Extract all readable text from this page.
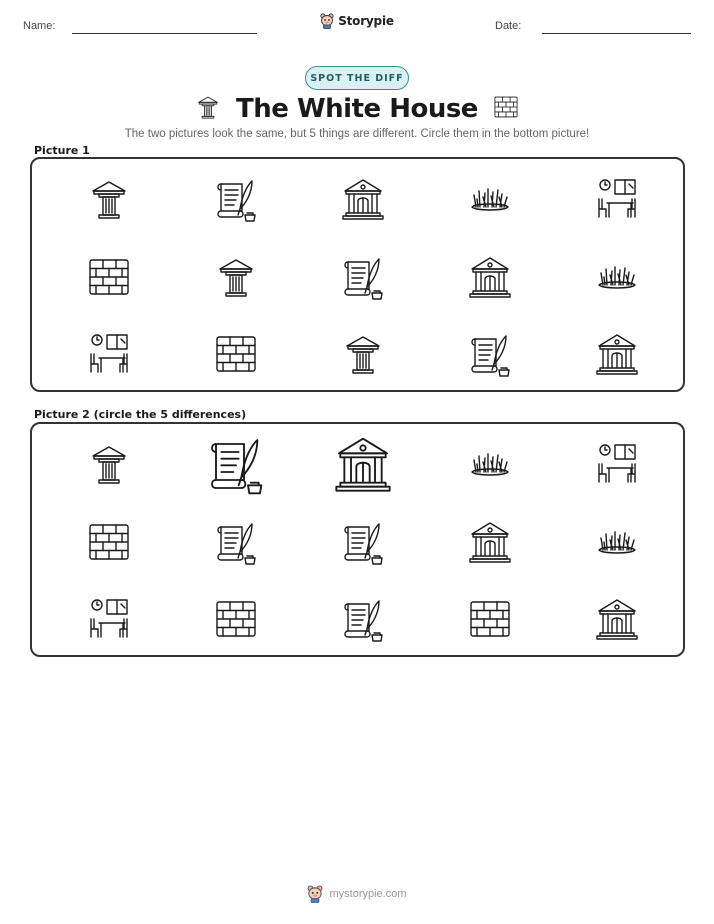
Name:	Storypie	Date:
SPOT THE DIFF
The White House
The two pictures look the same, but 5 things are different. Circle them in the bottom picture!
Picture 1
Picture 2 (circle the 5 differences)
mystorypie.com
